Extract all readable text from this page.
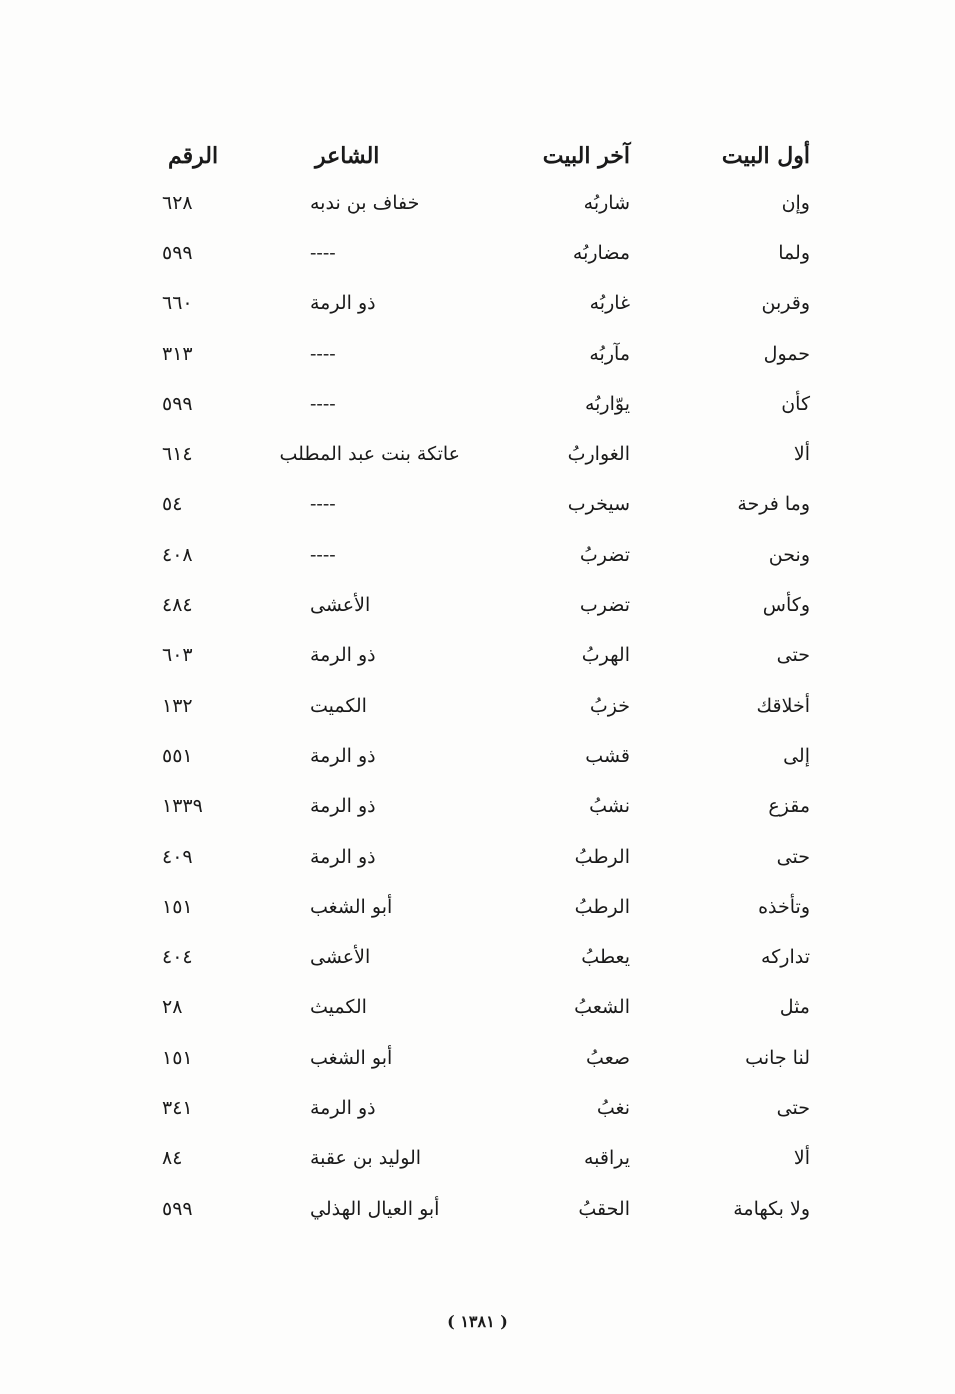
أول البيت
آخر البيت
الشاعر
الرقم
وإن
شاربُه
خفاف بن ندبه
٦٢٨
ولما
مضاربُه
----
٥٩٩
وقربن
غاربُه
ذو الرمة
٦٦٠
حمول
مآربُه
----
٣١٣
كأن
يوّاربُه
----
٥٩٩
ألا
الغواربُ
عاتكة بنت عبد المطلب
٦١٤
وما فرحة
سيخرب
----
٥٤
ونحن
تضربُ
----
٤٠٨
وكأس
تضرب
الأعشى
٤٨٤
حتى
الهربُ
ذو الرمة
٦٠٣
أخلاقك
خزبُ
الكميت
١٣٢
إلى
قشب
ذو الرمة
٥٥١
مقزع
نشبُ
ذو الرمة
١٣٣٩
حتى
الرطبُ
ذو الرمة
٤٠٩
وتأخذه
الرطبُ
أبو الشغب
١٥١
تداركه
يعطبُ
الأعشى
٤٠٤
مثل
الشعبُ
الكميث
٢٨
لنا جانب
صعبُ
أبو الشغب
١٥١
حتى
نغبُ
ذو الرمة
٣٤١
ألا
يراقبه
الوليد بن عقبة
٨٤
ولا بكهامة
الحقبُ
أبو العيال الهذلي
٥٩٩
( ١٣٨١ )
